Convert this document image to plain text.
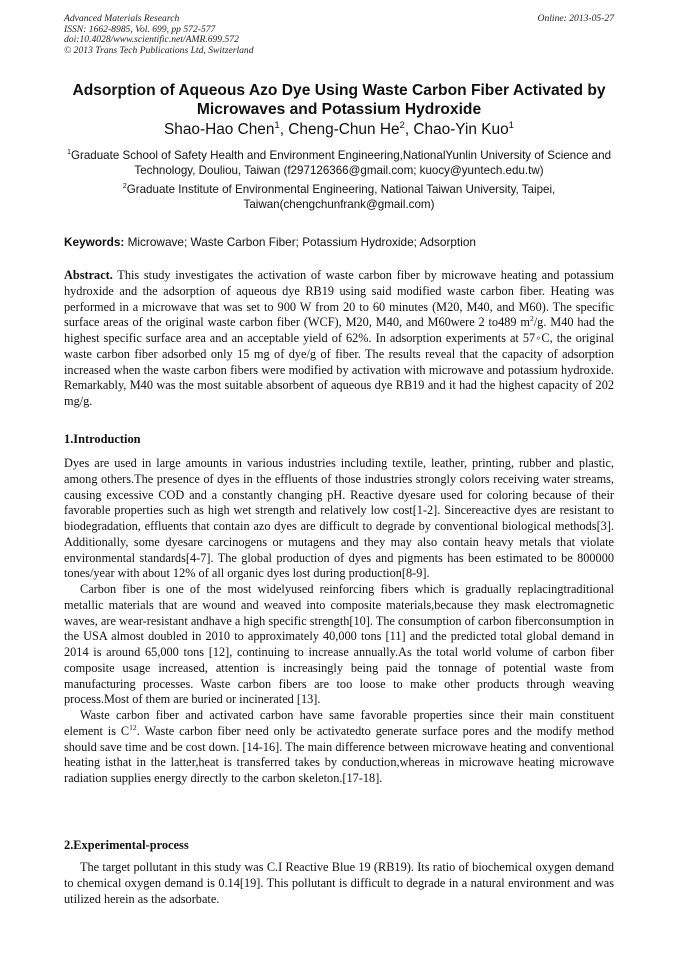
Advanced Materials Research
ISSN: 1662-8985, Vol. 699, pp 572-577
doi:10.4028/www.scientific.net/AMR.699.572
© 2013 Trans Tech Publications Ltd, Switzerland
Online: 2013-05-27
Adsorption of Aqueous Azo Dye Using Waste Carbon Fiber Activated by Microwaves and Potassium Hydroxide
Shao-Hao Chen$^1$, Cheng-Chun He$^2$, Chao-Yin Kuo$^1$
$^1$Graduate School of Safety Health and Environment Engineering,NationalYunlin University of Science and Technology, Douliou, Taiwan (f297126366@gmail.com; kuocy@yuntech.edu.tw)
$^2$Graduate Institute of Environmental Engineering, National Taiwan University, Taipei, Taiwan(chengchunfrank@gmail.com)
Keywords: Microwave; Waste Carbon Fiber; Potassium Hydroxide; Adsorption
Abstract. This study investigates the activation of waste carbon fiber by microwave heating and potassium hydroxide and the adsorption of aqueous dye RB19 using said modified waste carbon fiber. Heating was performed in a microwave that was set to 900 W from 20 to 60 minutes (M20, M40, and M60). The specific surface areas of the original waste carbon fiber (WCF), M20, M40, and M60were 2 to489 $m^2/g$. M40 had the highest specific surface area and an acceptable yield of 62%. In adsorption experiments at 57◦C, the original waste carbon fiber adsorbed only 15 mg of dye/g of fiber. The results reveal that the capacity of adsorption increased when the waste carbon fibers were modified by activation with microwave and potassium hydroxide. Remarkably, M40 was the most suitable absorbent of aqueous dye RB19 and it had the highest capacity of 202 mg/g.
1.Introduction

Dyes are used in large amounts in various industries including textile, leather, printing, rubber and plastic, among others.The presence of dyes in the effluents of those industries strongly colors receiving water streams, causing excessive COD and a constantly changing pH. Reactive dyesare used for coloring because of their favorable properties such as high wet strength and relatively low cost[1-2]. Sincereactive dyes are resistant to biodegradation, effluents that contain azo dyes are difficult to degrade by conventional biological methods[3]. Additionally, some dyesare carcinogens or mutagens and they may also contain heavy metals that violate environmental standards[4-7]. The global production of dyes and pigments has been estimated to be 800000 tones/year with about 12% of all organic dyes lost during production[8-9].

Carbon fiber is one of the most widelyused reinforcing fibers which is gradually replacingtraditional metallic materials that are wound and weaved into composite materials,because they mask electromagnetic waves, are wear-resistant andhave a high specific strength[10]. The consumption of carbon fiberconsumption in the USA almost doubled in 2010 to approximately 40,000 tons [11] and the predicted total global demand in 2014 is around 65,000 tons [12], continuing to increase annually.As the total world volume of carbon fiber composite usage increased, attention is increasingly being paid the tonnage of potential waste from manufacturing processes. Waste carbon fibers are too loose to make other products through weaving process.Most of them are buried or incinerated [13].

Waste carbon fiber and activated carbon have same favorable properties since their main constituent element is $C^{12}$. Waste carbon fiber need only be activatedto generate surface pores and the modify method should save time and be cost down. [14-16]. The main difference between microwave heating and conventional heating isthat in the latter,heat is transferred takes by conduction,whereas in microwave heating microwave radiation supplies energy directly to the carbon skeleton.[17-18].

2.Experimental-process

The target pollutant in this study was C.I Reactive Blue 19 (RB19). Its ratio of biochemical oxygen demand to chemical oxygen demand is 0.14[19]. This pollutant is difficult to degrade in a natural environment and was utilized herein as the adsorbate.
